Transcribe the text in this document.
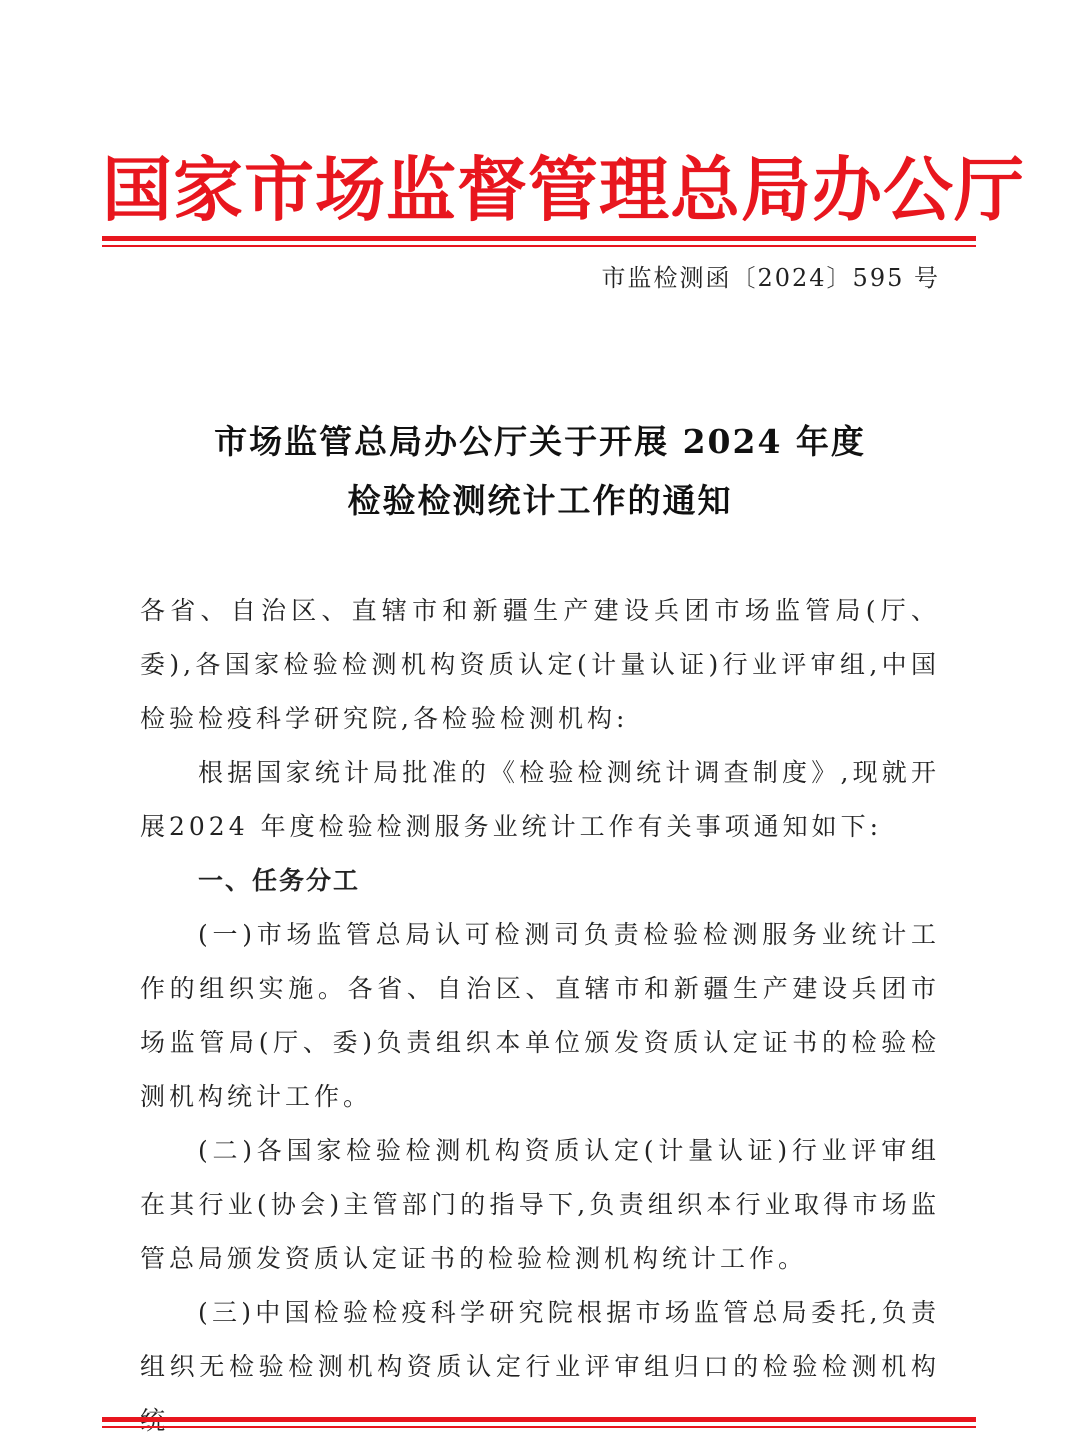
国家市场监督管理总局办公厅
市监检测函〔2024〕595 号
市场监管总局办公厅关于开展 2024 年度
检验检测统计工作的通知

各省、自治区、直辖市和新疆生产建设兵团市场监管局(厅、委),各国家检验检测机构资质认定(计量认证)行业评审组,中国检验检疫科学研究院,各检验检测机构:

根据国家统计局批准的《检验检测统计调查制度》,现就开展2024 年度检验检测服务业统计工作有关事项通知如下:

一、任务分工

(一)市场监管总局认可检测司负责检验检测服务业统计工作的组织实施。各省、自治区、直辖市和新疆生产建设兵团市场监管局(厅、委)负责组织本单位颁发资质认定证书的检验检测机构统计工作。

(二)各国家检验检测机构资质认定(计量认证)行业评审组在其行业(协会)主管部门的指导下,负责组织本行业取得市场监管总局颁发资质认定证书的检验检测机构统计工作。

(三)中国检验检疫科学研究院根据市场监管总局委托,负责组织无检验检测机构资质认定行业评审组归口的检验检测机构
